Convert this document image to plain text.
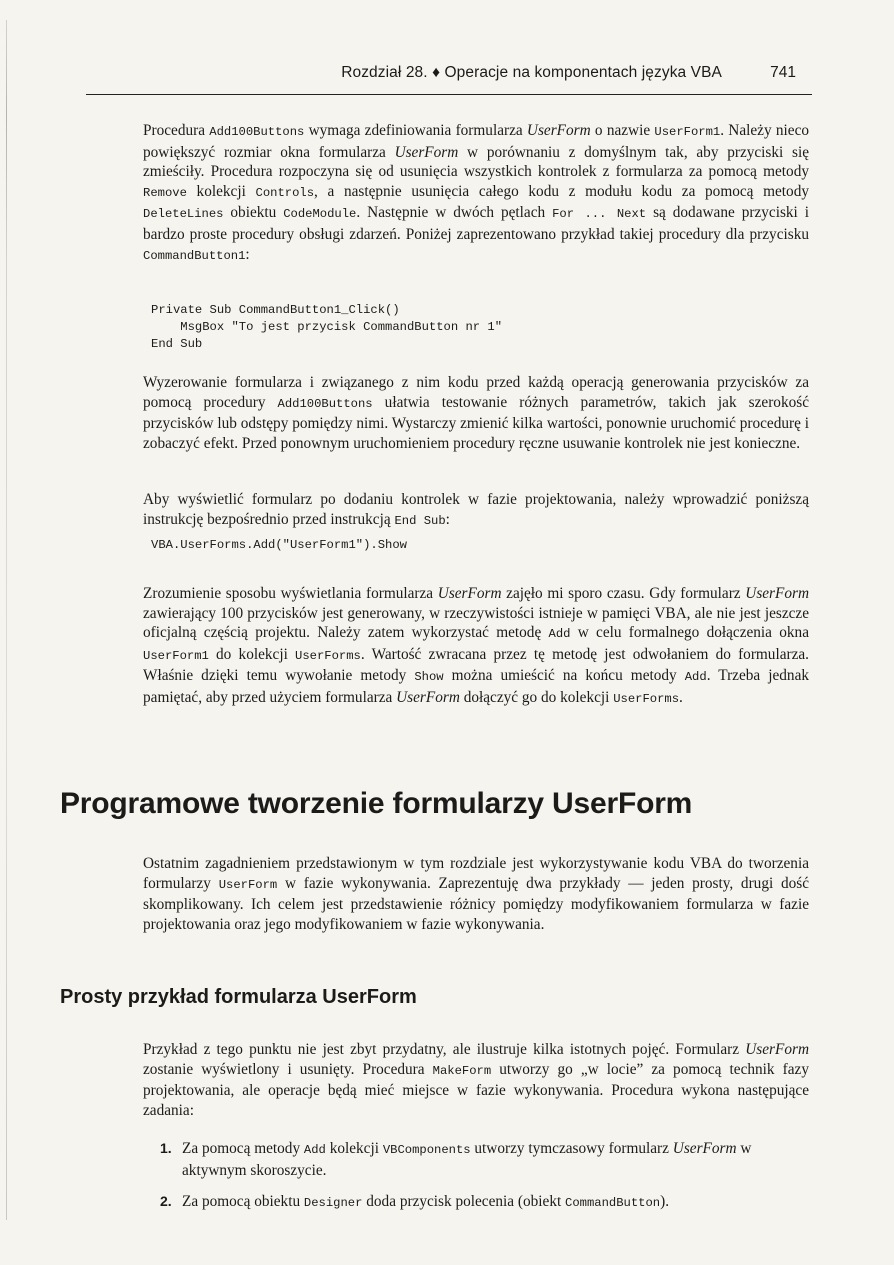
Rozdział 28. ♦ Operacje na komponentach języka VBA	741

Procedura Add100Buttons wymaga zdefiniowania formularza UserForm o nazwie UserForm1. Należy nieco powiększyć rozmiar okna formularza UserForm w porównaniu z domyślnym tak, aby przyciski się zmieściły. Procedura rozpoczyna się od usunięcia wszystkich kontrolek z formularza za pomocą metody Remove kolekcji Controls, a następnie usunięcia całego kodu z modułu kodu za pomocą metody DeleteLines obiektu CodeModule. Następnie w dwóch pętlach For ... Next są dodawane przyciski i bardzo proste procedury obsługi zdarzeń. Poniżej zaprezentowano przykład takiej procedury dla przycisku CommandButton1:

Private Sub CommandButton1_Click()
MsgBox "To jest przycisk CommandButton nr 1"
End Sub

Wyzerowanie formularza i związanego z nim kodu przed każdą operacją generowania przycisków za pomocą procedury Add100Buttons ułatwia testowanie różnych parametrów, takich jak szerokość przycisków lub odstępy pomiędzy nimi. Wystarczy zmienić kilka wartości, ponownie uruchomić procedurę i zobaczyć efekt. Przed ponownym uruchomieniem procedury ręczne usuwanie kontrolek nie jest konieczne.

Aby wyświetlić formularz po dodaniu kontrolek w fazie projektowania, należy wprowadzić poniższą instrukcję bezpośrednio przed instrukcją End Sub:

VBA.UserForms.Add("UserForm1").Show

Zrozumienie sposobu wyświetlania formularza UserForm zajęło mi sporo czasu. Gdy formularz UserForm zawierający 100 przycisków jest generowany, w rzeczywistości istnieje w pamięci VBA, ale nie jest jeszcze oficjalną częścią projektu. Należy zatem wykorzystać metodę Add w celu formalnego dołączenia okna UserForm1 do kolekcji UserForms. Wartość zwracana przez tę metodę jest odwołaniem do formularza. Właśnie dzięki temu wywołanie metody Show można umieścić na końcu metody Add. Trzeba jednak pamiętać, aby przed użyciem formularza UserForm dołączyć go do kolekcji UserForms.

Programowe tworzenie formularzy UserForm

Ostatnim zagadnieniem przedstawionym w tym rozdziale jest wykorzystywanie kodu VBA do tworzenia formularzy UserForm w fazie wykonywania. Zaprezentuję dwa przykłady — jeden prosty, drugi dość skomplikowany. Ich celem jest przedstawienie różnicy pomiędzy modyfikowaniem formularza w fazie projektowania oraz jego modyfikowaniem w fazie wykonywania.

Prosty przykład formularza UserForm

Przykład z tego punktu nie jest zbyt przydatny, ale ilustruje kilka istotnych pojęć. Formularz UserForm zostanie wyświetlony i usunięty. Procedura MakeForm utworzy go „w locie” za pomocą technik fazy projektowania, ale operacje będą mieć miejsce w fazie wykonywania. Procedura wykona następujące zadania:

1. Za pomocą metody Add kolekcji VBComponents utworzy tymczasowy formularz UserForm w aktywnym skoroszycie.
2. Za pomocą obiektu Designer doda przycisk polecenia (obiekt CommandButton).
